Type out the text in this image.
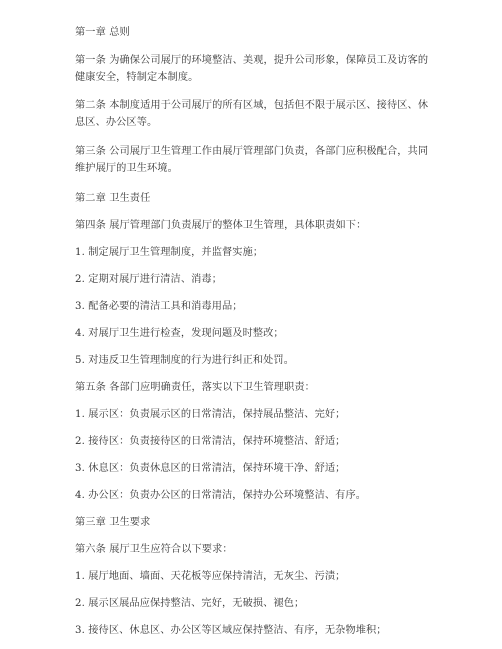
第一章 总则
第一条 为确保公司展厅的环境整洁、美观，提升公司形象，保障员工及访客的健康安全，特制定本制度。
第二条 本制度适用于公司展厅的所有区域，包括但不限于展示区、接待区、休息区、办公区等。
第三条 公司展厅卫生管理工作由展厅管理部门负责，各部门应积极配合，共同维护展厅的卫生环境。
第二章 卫生责任
第四条 展厅管理部门负责展厅的整体卫生管理，具体职责如下：
1. 制定展厅卫生管理制度，并监督实施；
2. 定期对展厅进行清洁、消毒；
3. 配备必要的清洁工具和消毒用品；
4. 对展厅卫生进行检查，发现问题及时整改；
5. 对违反卫生管理制度的行为进行纠正和处罚。
第五条 各部门应明确责任，落实以下卫生管理职责：
1. 展示区：负责展示区的日常清洁，保持展品整洁、完好；
2. 接待区：负责接待区的日常清洁，保持环境整洁、舒适；
3. 休息区：负责休息区的日常清洁，保持环境干净、舒适；
4. 办公区：负责办公区的日常清洁，保持办公环境整洁、有序。
第三章 卫生要求
第六条 展厅卫生应符合以下要求：
1. 展厅地面、墙面、天花板等应保持清洁，无灰尘、污渍；
2. 展示区展品应保持整洁、完好，无破损、褪色；
3. 接待区、休息区、办公区等区域应保持整洁、有序，无杂物堆积；
